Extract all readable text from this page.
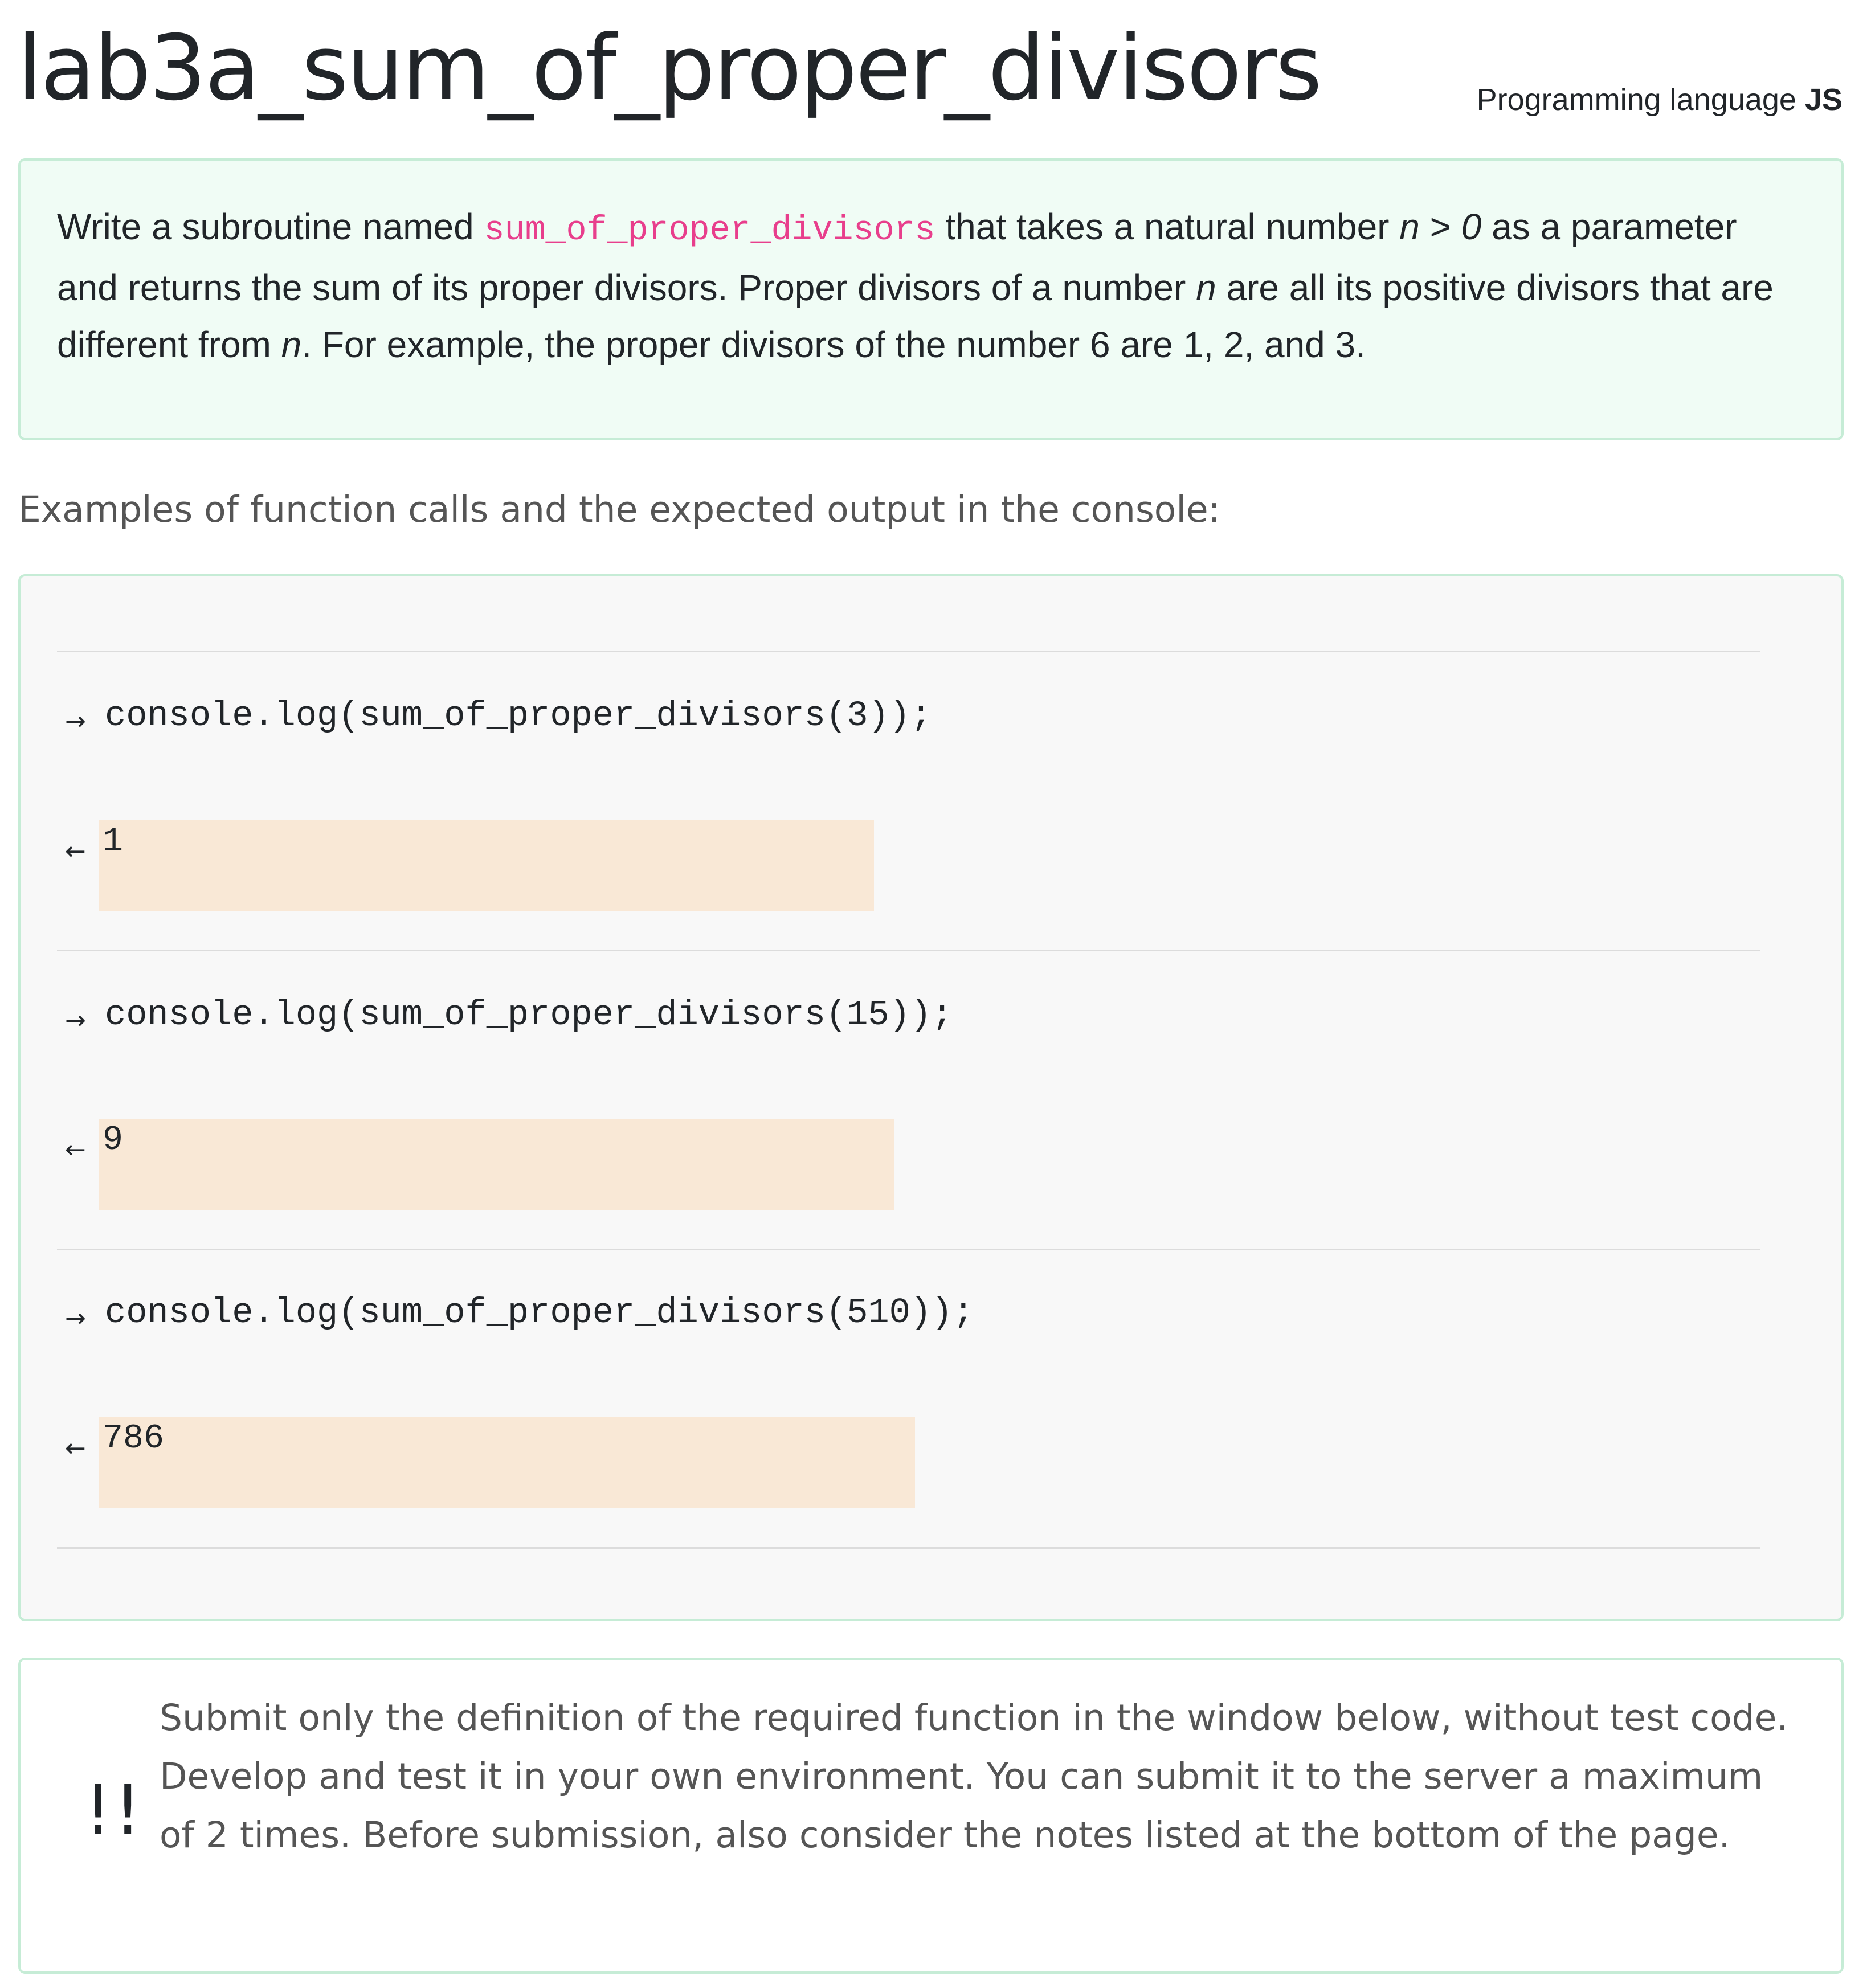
lab3a_sum_of_proper_divisors	Programming language JS
Write a subroutine named sum_of_proper_divisors that takes a natural number n > 0 as a parameter and returns the sum of its proper divisors. Proper divisors of a number n are all its positive divisors that are different from n. For example, the proper divisors of the number 6 are 1, 2, and 3.
Examples of function calls and the expected output in the console:
→ console.log(sum_of_proper_divisors(3));
← 1
→ console.log(sum_of_proper_divisors(15));
← 9
→ console.log(sum_of_proper_divisors(510));
← 786
!!
Submit only the definition of the required function in the window below, without test code. Develop and test it in your own environment. You can submit it to the server a maximum of 2 times. Before submission, also consider the notes listed at the bottom of the page.
